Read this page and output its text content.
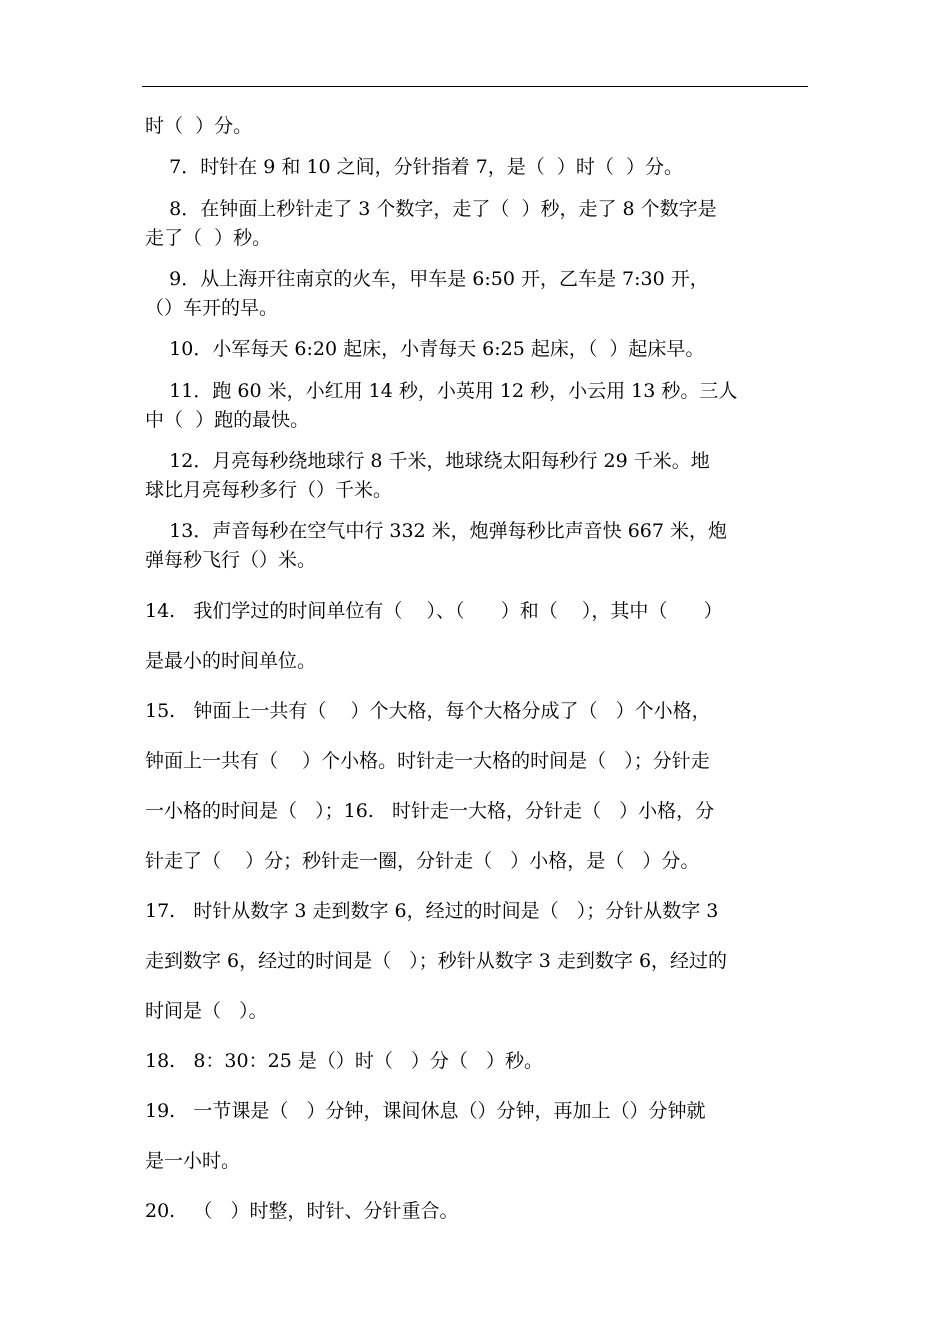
时（  ）分。
7．时针在 9 和 10 之间，分针指着 7，是（  ）时（  ）分。
8．在钟面上秒针走了 3 个数字，走了（  ）秒，走了 8 个数字是
走了（  ）秒。
9．从上海开往南京的火车，甲车是 6:50 开，乙车是 7:30 开，
（）车开的早。
10．小军每天 6:20 起床，小青每天 6:25 起床，（  ）起床早。
11．跑 60 米，小红用 14 秒，小英用 12 秒，小云用 13 秒。三人
中（  ）跑的最快。
12．月亮每秒绕地球行 8 千米，地球绕太阳每秒行 29 千米。地
球比月亮每秒多行（）千米。
13．声音每秒在空气中行 332 米，炮弹每秒比声音快 667 米，炮
弹每秒飞行（）米。
14.   我们学过的时间单位有（    ）、（      ）和（    ），其中（      ）
是最小的时间单位。
15.   钟面上一共有（    ）个大格，每个大格分成了（   ）个小格，
钟面上一共有（    ）个小格。时针走一大格的时间是（   ）；分针走
一小格的时间是（   ）；16.   时针走一大格，分针走（   ）小格，分
针走了（    ）分；秒针走一圈，分针走（   ）小格，是（   ）分。
17.   时针从数字 3 走到数字 6，经过的时间是（   ）；分针从数字 3
走到数字 6，经过的时间是（   ）；秒针从数字 3 走到数字 6，经过的
时间是（   ）。
18.   8：30：25 是（）时（   ）分（   ）秒。
19.   一节课是（   ）分钟，课间休息（）分钟，再加上（）分钟就
是一小时。
20.   （   ）时整，时针、分针重合。
